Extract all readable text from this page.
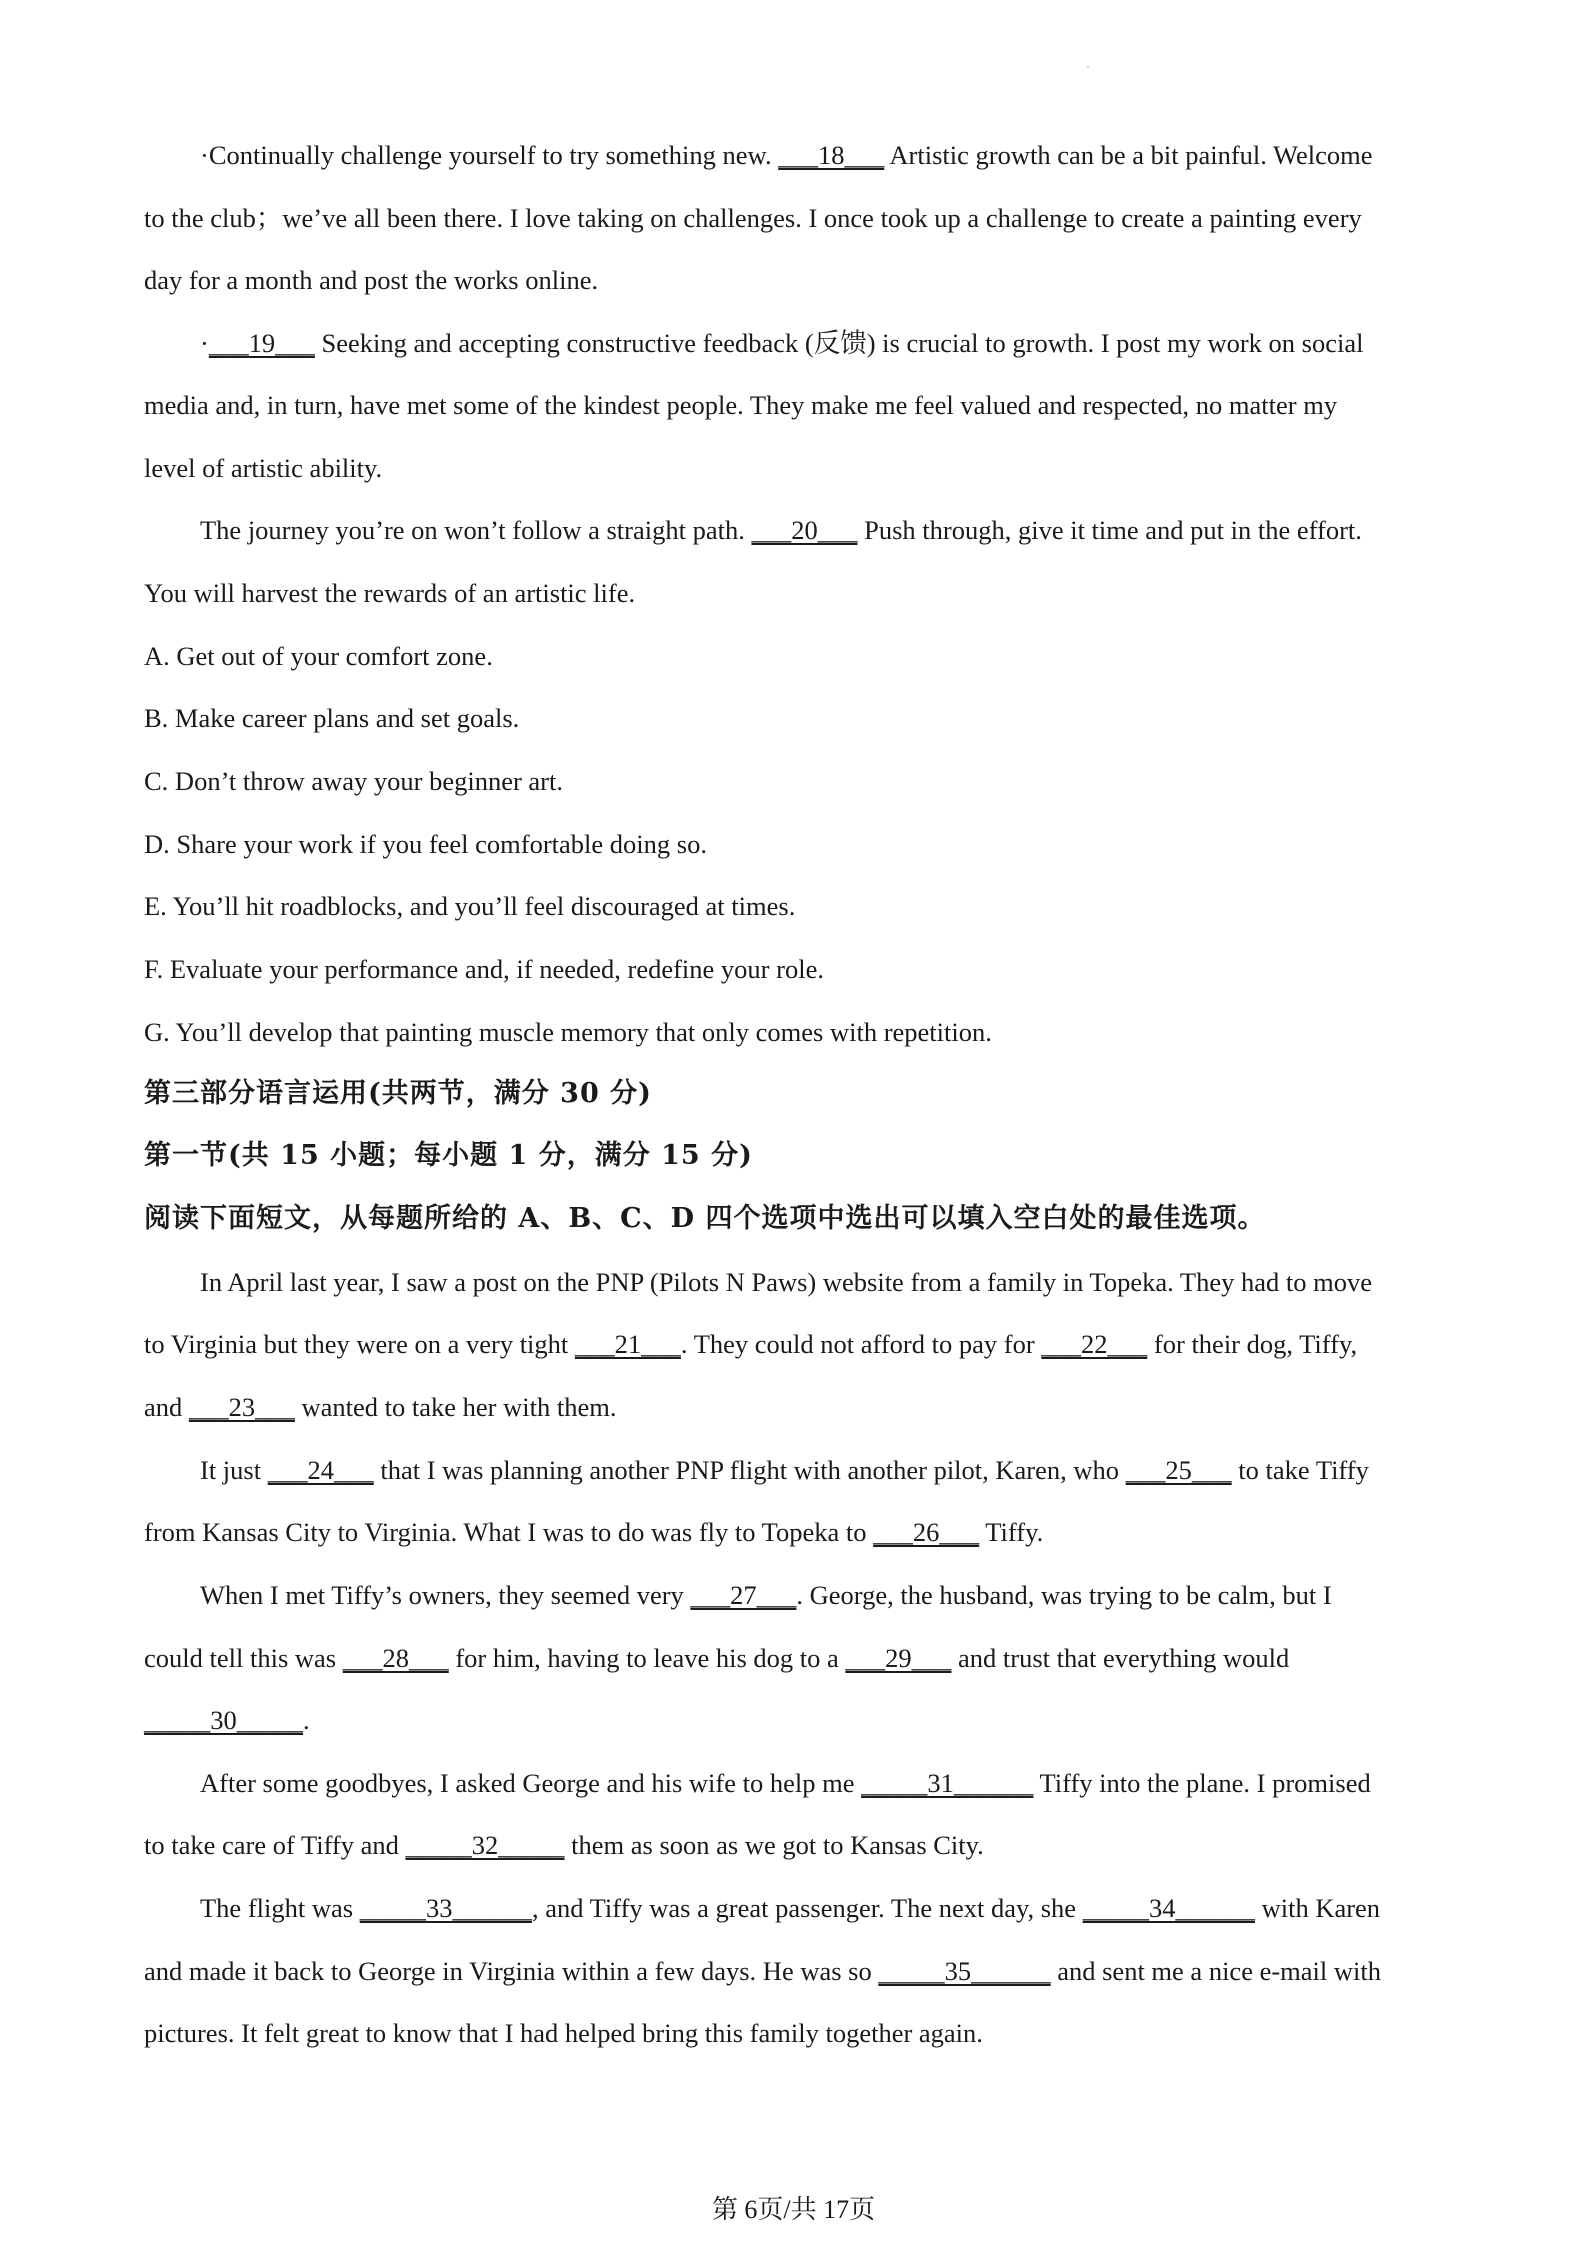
·Continually challenge yourself to try something new. ___18___ Artistic growth can be a bit painful. Welcome
to the club；we’ve all been there. I love taking on challenges. I once took up a challenge to create a painting every
day for a month and post the works online.
·___19___ Seeking and accepting constructive feedback (反馈) is crucial to growth. I post my work on social
media and, in turn, have met some of the kindest people. They make me feel valued and respected, no matter my
level of artistic ability.
The journey you’re on won’t follow a straight path. ___20___ Push through, give it time and put in the effort.
You will harvest the rewards of an artistic life.
A. Get out of your comfort zone.
B. Make career plans and set goals.
C. Don’t throw away your beginner art.
D. Share your work if you feel comfortable doing so.
E. You’ll hit roadblocks, and you’ll feel discouraged at times.
F. Evaluate your performance and, if needed, redefine your role.
G. You’ll develop that painting muscle memory that only comes with repetition.
第三部分语言运用(共两节，满分 30 分)
第一节(共 15 小题；每小题 1 分，满分 15 分)
阅读下面短文，从每题所给的 A、B、C、D 四个选项中选出可以填入空白处的最佳选项。
In April last year, I saw a post on the PNP (Pilots N Paws) website from a family in Topeka. They had to move
to Virginia but they were on a very tight ___21___. They could not afford to pay for ___22___ for their dog, Tiffy,
and ___23___ wanted to take her with them.
It just ___24___ that I was planning another PNP flight with another pilot, Karen, who ___25___ to take Tiffy
from Kansas City to Virginia. What I was to do was fly to Topeka to ___26___ Tiffy.
When I met Tiffy’s owners, they seemed very ___27___. George, the husband, was trying to be calm, but I
could tell this was ___28___ for him, having to leave his dog to a ___29___ and trust that everything would
_____30_____.
After some goodbyes, I asked George and his wife to help me _____31______ Tiffy into the plane. I promised
to take care of Tiffy and _____32_____ them as soon as we got to Kansas City.
The flight was _____33______, and Tiffy was a great passenger. The next day, she _____34______ with Karen
and made it back to George in Virginia within a few days. He was so _____35______ and sent me a nice e-mail with
pictures. It felt great to know that I had helped bring this family together again.
第 6页/共 17页
